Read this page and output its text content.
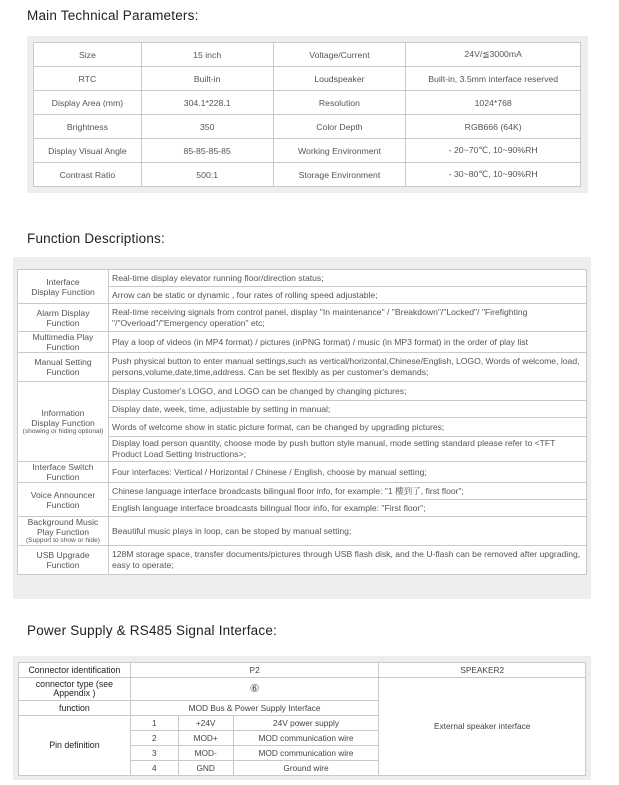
Main Technical Parameters:
Size	15 inch	Voltage/Current	24V/≦3000mA
RTC	Built-in	Loudspeaker	Built-in, 3.5mm interface reserved
Display Area (mm)	304.1*228.1	Resolution	1024*768
Brightness	350	Color Depth	RGB666 (64K)
Display Visual Angle	85-85-85-85	Working Environment	- 20~70℃, 10~90%RH
Contrast Ratio	500:1	Storage Environment	- 30~80℃, 10~90%RH
Function Descriptions:
Interface
Display Function	Real-time display elevator running floor/direction status;
	Arrow can be static or dynamic , four rates of rolling speed adjustable;

Alarm Display
Function	Real-time receiving signals from control panel, display "In maintenance" / "Breakdown"/"Locked"/ "Firefighting "/"Overload"/"Emergency operation" etc;

Multimedia Play
Function	Play a loop of videos (in MP4 format) / pictures (inPNG format) / music (in MP3 format) in the order of play list

Manual Setting
Function	Push physical button to enter manual settings,such as vertical/horizontal,Chinese/English, LOGO, Words of welcome, load, persons,volume,date,time,address. Can be set flexibly as per customer's demands;

Information
Display Function
(showing or hiding optional)	Display Customer's LOGO, and LOGO can be changed by changing pictures;
	Display date, week, time, adjustable by setting in manual;
	Words of welcome show in static picture format, can be changed by upgrading pictures;
	Display load person quantity, choose mode by push button style manual, mode setting standard please refer to <TFT Product Load Setting Instructions>;

Interface Switch
Function	Four interfaces: Vertical / Horizontal / Chinese / English, choose by manual setting;

Voice Announcer
Function	Chinese language interface broadcasts bilingual floor info, for example: "1 樓到了, first floor";
	English language interface broadcasts bilingual floor info, for example: "First floor";

Background Music
Play Function
(Support to show or hide)	Beautiful music plays in loop, can be stoped by manual setting;

USB Upgrade
Function	128M storage space, transfer documents/pictures through USB flash disk, and the U-flash can be removed after upgrading, easy to operate;
Power Supply & RS485 Signal Interface:
Connector identification	P2			SPEAKER2
connector type (see Appendix )	⑥			External speaker interface
function	MOD Bus & Power Supply Interface			
Pin definition	1	+24V	24V power supply	
	2	MOD+	MOD communication wire	
	3	MOD-	MOD communication wire	
	4	GND	Ground wire	
